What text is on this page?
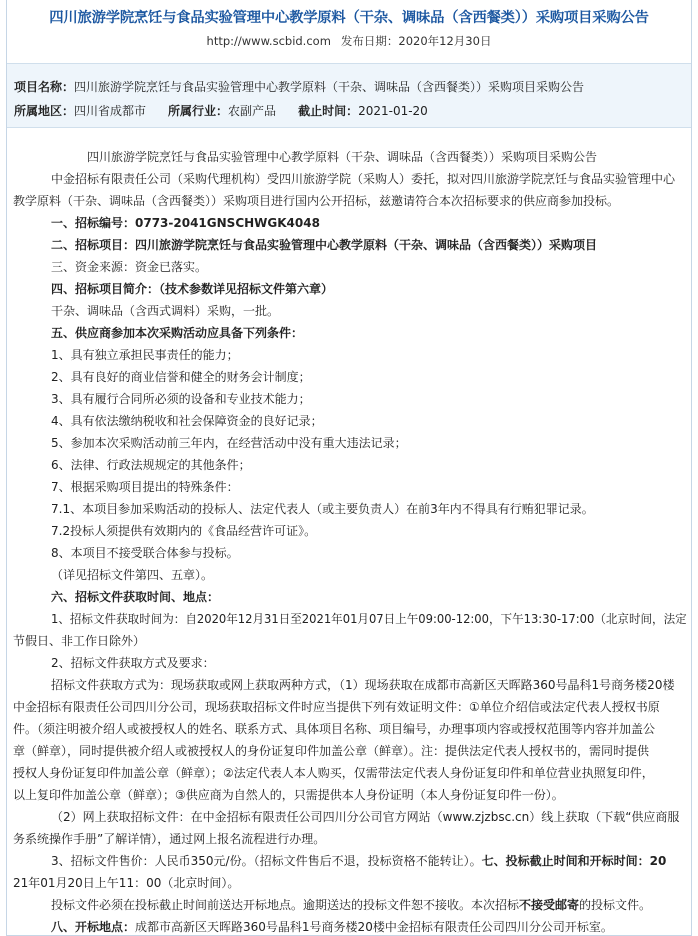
四川旅游学院烹饪与食品实验管理中心教学原料（干杂、调味品（含西餐类））采购项目采购公告
http://www.scbid.com 发布日期：2020年12月30日
项目名称：四川旅游学院烹饪与食品实验管理中心教学原料（干杂、调味品（含西餐类））采购项目采购公告
所属地区：四川省成都市 所属行业：农副产品 截止时间：2021-01-20
四川旅游学院烹饪与食品实验管理中心教学原料（干杂、调味品（含西餐类））采购项目采购公告
中金招标有限责任公司（采购代理机构）受四川旅游学院（采购人）委托，拟对四川旅游学院烹饪与食品实验管理中心
教学原料（干杂、调味品（含西餐类））采购项目进行国内公开招标，兹邀请符合本次招标要求的供应商参加投标。
一、招标编号：0773-2041GNSCHWGK4048
二、招标项目：四川旅游学院烹饪与食品实验管理中心教学原料（干杂、调味品（含西餐类））采购项目
三、资金来源：资金已落实。
四、招标项目简介：（技术参数详见招标文件第六章）
干杂、调味品（含西式调料）采购，一批。
五、供应商参加本次采购活动应具备下列条件：
1、具有独立承担民事责任的能力；
2、具有良好的商业信誉和健全的财务会计制度；
3、具有履行合同所必须的设备和专业技术能力；
4、具有依法缴纳税收和社会保障资金的良好记录；
5、参加本次采购活动前三年内，在经营活动中没有重大违法记录；
6、法律、行政法规规定的其他条件；
7、根据采购项目提出的特殊条件：
7.1、本项目参加采购活动的投标人、法定代表人（或主要负责人）在前3年内不得具有行贿犯罪记录。
7.2投标人须提供有效期内的《食品经营许可证》。
8、本项目不接受联合体参与投标。
（详见招标文件第四、五章）。
六、招标文件获取时间、地点：
1、招标文件获取时间为：自2020年12月31日至2021年01月07日上午09:00-12:00，下午13:30-17:00（北京时间，法定
节假日、非工作日除外）
2、招标文件获取方式及要求：
招标文件获取方式为：现场获取或网上获取两种方式，（1）现场获取在成都市高新区天晖路360号晶科1号商务楼20楼
中金招标有限责任公司四川分公司，现场获取招标文件时应当提供下列有效证明文件：①单位介绍信或法定代表人授权书原
件。（须注明被介绍人或被授权人的姓名、联系方式、具体项目名称、项目编号，办理事项内容或授权范围等内容并加盖公
章（鲜章），同时提供被介绍人或被授权人的身份证复印件加盖公章（鲜章）。注：提供法定代表人授权书的，需同时提供
授权人身份证复印件加盖公章（鲜章）；②法定代表人本人购买，仅需带法定代表人身份证复印件和单位营业执照复印件，
以上复印件加盖公章（鲜章）；③供应商为自然人的，只需提供本人身份证明（本人身份证复印件一份）。
（2）网上获取招标文件：在中金招标有限责任公司四川分公司官方网站（www.zjzbsc.cn）线上获取（下载“供应商服
务系统操作手册”了解详情），通过网上报名流程进行办理。
3、招标文件售价：人民币350元/份。（招标文件售后不退，投标资格不能转让）。七、投标截止时间和开标时间：20
21年01月20日上午11：00（北京时间）。
投标文件必须在投标截止时间前送达开标地点。逾期送达的投标文件恕不接收。本次招标不接受邮寄的投标文件。
八、开标地点：成都市高新区天晖路360号晶科1号商务楼20楼中金招标有限责任公司四川分公司开标室。
